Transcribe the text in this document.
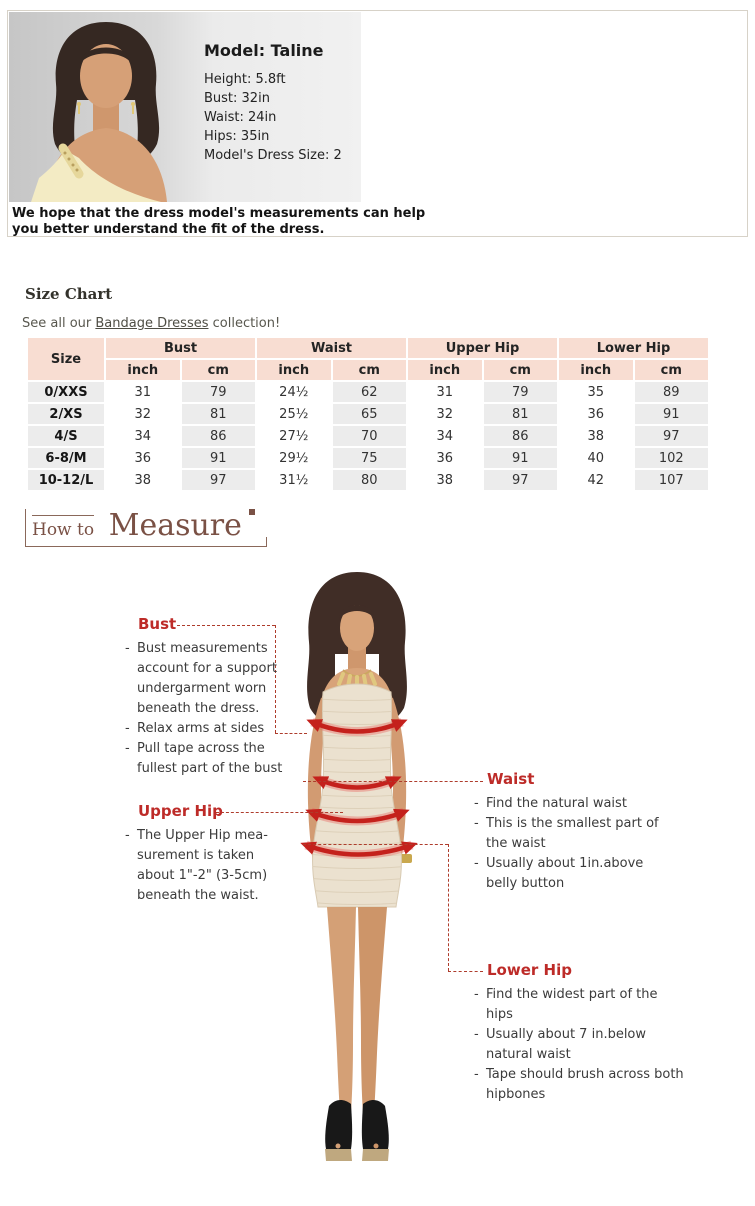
Model: Taline
Height: 5.8ft
Bust: 32in
Waist: 24in
Hips: 35in
Model's Dress Size: 2
We hope that the dress model's measurements can help you better understand the fit of the dress.
Size Chart

See all our Bandage Dresses collection!

Size	Bust		Waist		Upper Hip		Lower Hip	
	inch	cm	inch	cm	inch	cm	inch	cm
0/XXS	31	79	24½	62	31	79	35	89
2/XS	32	81	25½	65	32	81	36	91
4/S	34	86	27½	70	34	86	38	97
6-8/M	36	91	29½	75	36	91	40	102
10-12/L	38	97	31½	80	38	97	42	107
How to Measure
Bust
- Bust measurements account for a support undergarment worn beneath the dress.
- Relax arms at sides
- Pull tape across the fullest part of the bust
Upper Hip
- The Upper Hip mea-surement is taken about 1"-2" (3-5cm) beneath the waist.
Waist
- Find the natural waist
- This is the smallest part of the waist
- Usually about 1in.above belly button
Lower Hip
- Find the widest part of the hips
- Usually about 7 in.below natural waist
- Tape should brush across both hipbones
